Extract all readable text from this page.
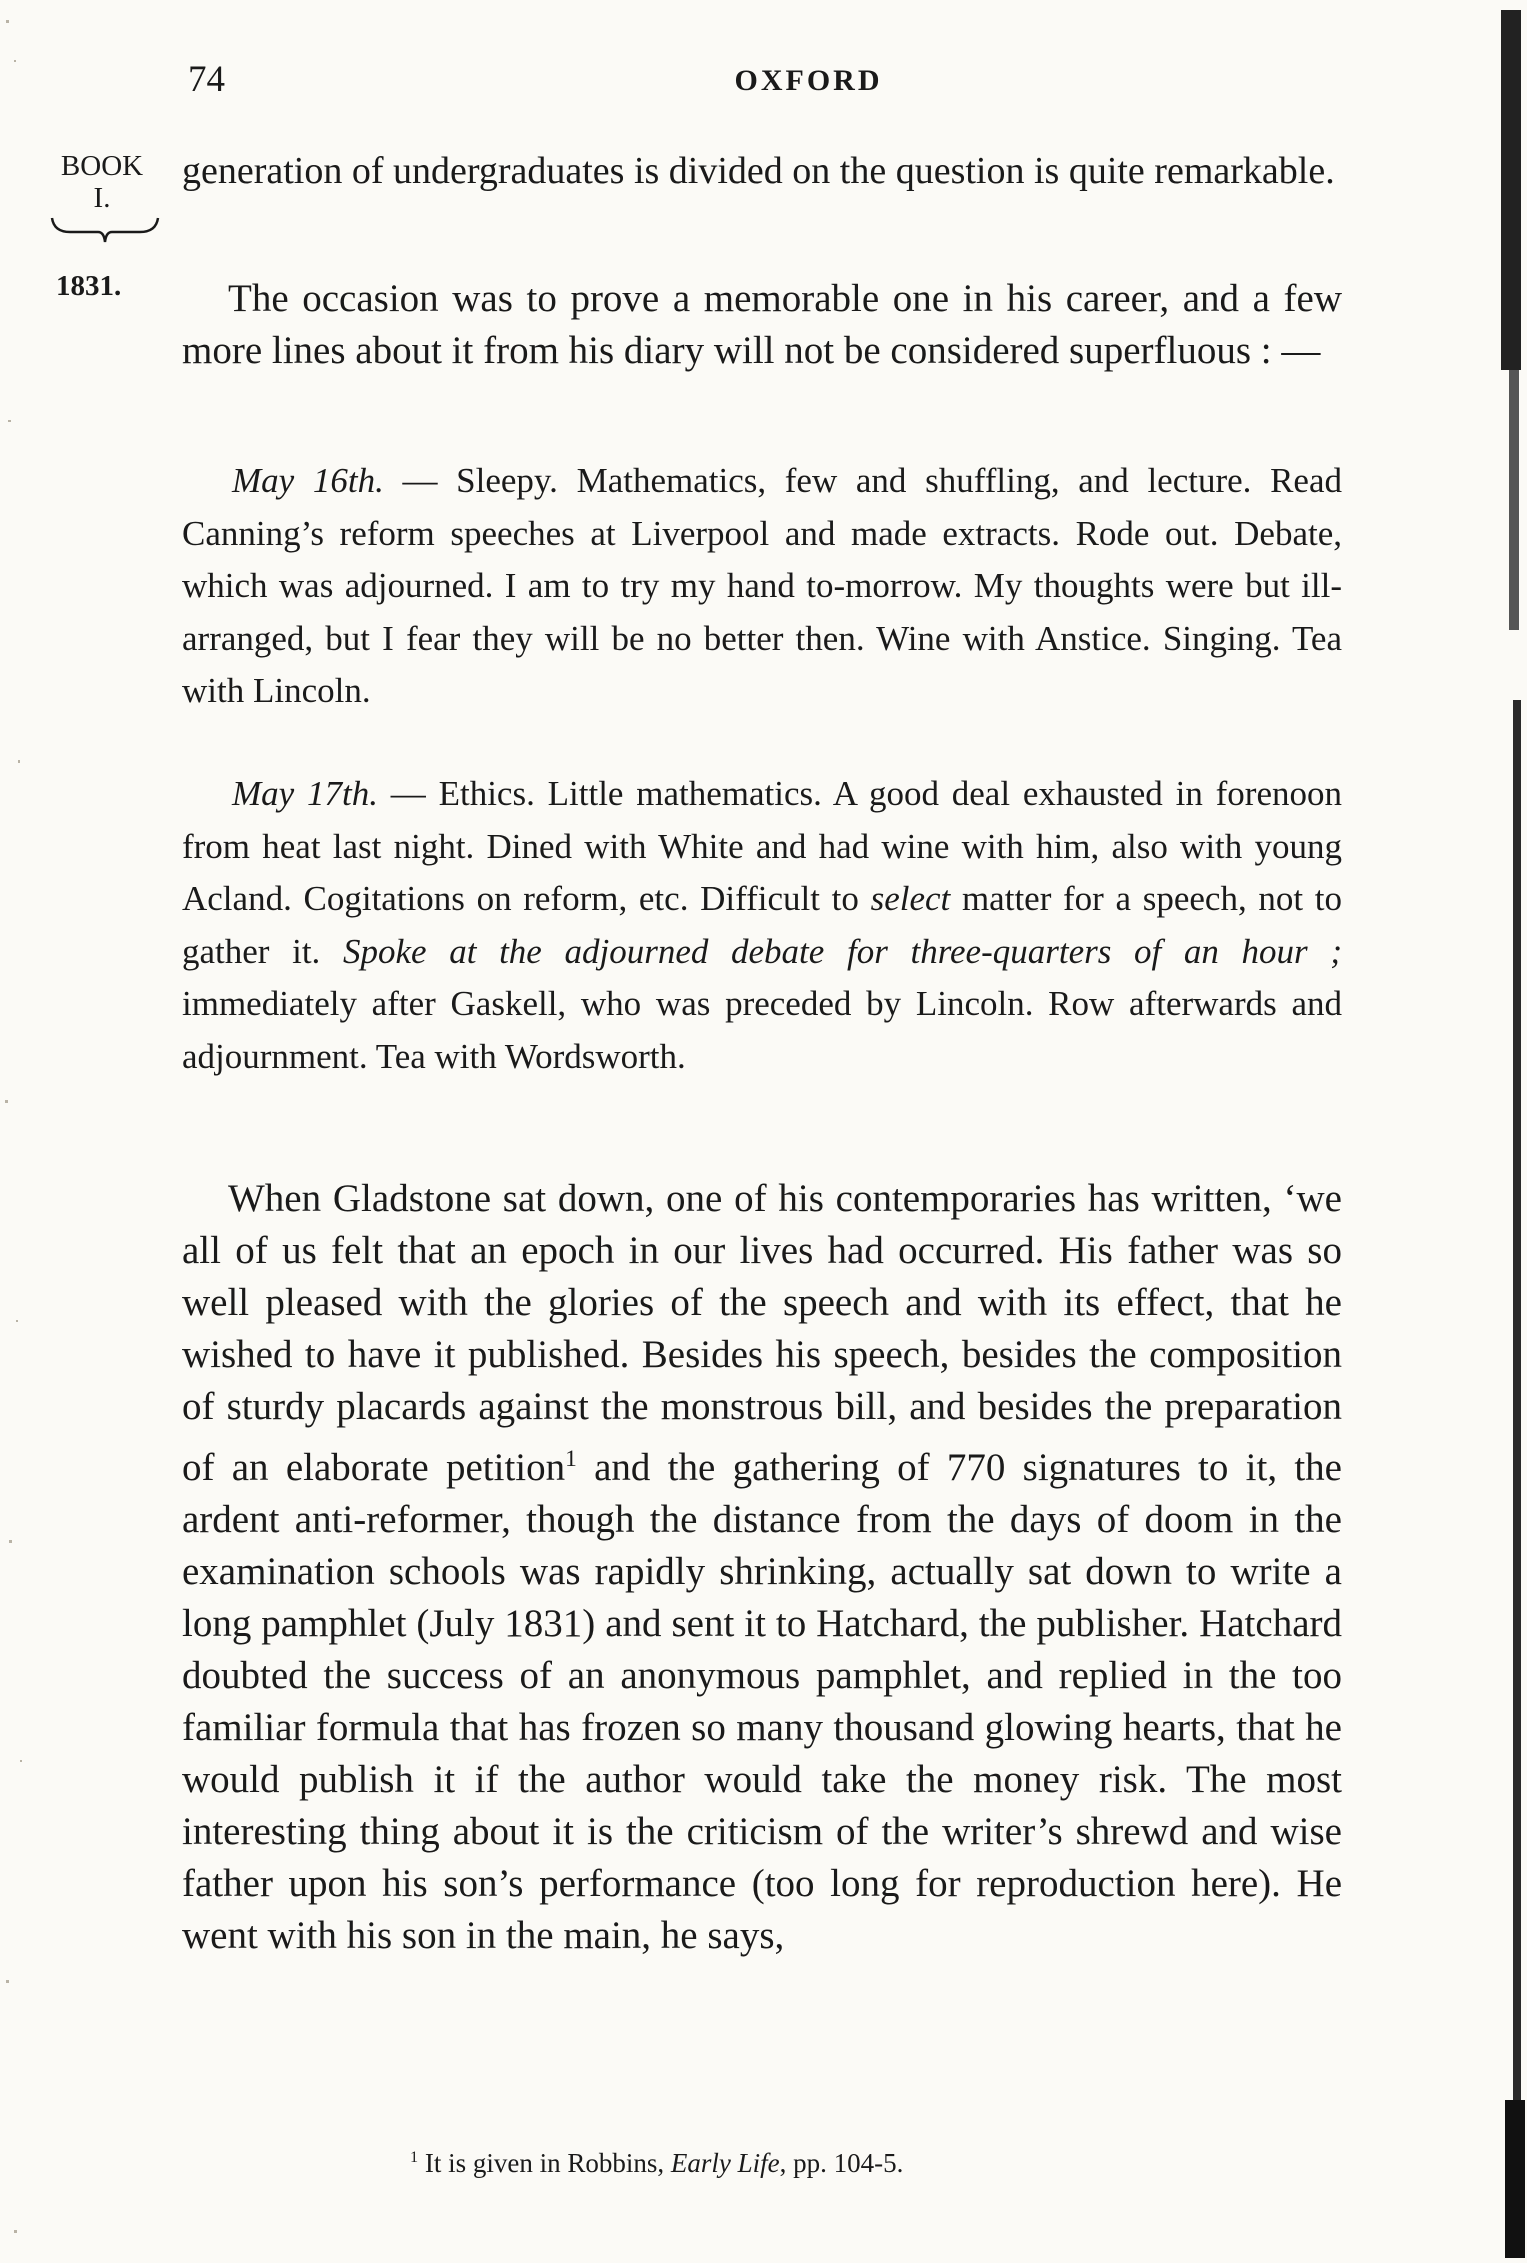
74	OXFORD
BOOK
I.
1831.

generation of undergraduates is divided on the question is quite remarkable.

The occasion was to prove a memorable one in his career, and a few more lines about it from his diary will not be considered superfluous : —

May 16th. — Sleepy. Mathematics, few and shuffling, and lecture. Read Canning’s reform speeches at Liverpool and made extracts. Rode out. Debate, which was adjourned. I am to try my hand to-morrow. My thoughts were but ill-arranged, but I fear they will be no better then. Wine with Anstice. Singing. Tea with Lincoln.

May 17th. — Ethics. Little mathematics. A good deal exhausted in forenoon from heat last night. Dined with White and had wine with him, also with young Acland. Cogitations on reform, etc. Difficult to select matter for a speech, not to gather it. Spoke at the adjourned debate for three-quarters of an hour ; immediately after Gaskell, who was preceded by Lincoln. Row afterwards and adjournment. Tea with Wordsworth.

When Gladstone sat down, one of his contemporaries has written, ‘we all of us felt that an epoch in our lives had occurred. His father was so well pleased with the glories of the speech and with its effect, that he wished to have it published. Besides his speech, besides the composition of sturdy placards against the monstrous bill, and besides the preparation of an elaborate petition$^1$ and the gathering of 770 signatures to it, the ardent anti-reformer, though the distance from the days of doom in the examination schools was rapidly shrinking, actually sat down to write a long pamphlet (July 1831) and sent it to Hatchard, the publisher. Hatchard doubted the success of an anonymous pamphlet, and replied in the too familiar formula that has frozen so many thousand glowing hearts, that he would publish it if the author would take the money risk. The most interesting thing about it is the criticism of the writer’s shrewd and wise father upon his son’s performance (too long for reproduction here). He went with his son in the main, he says,

$^1$ It is given in Robbins, Early Life, pp. 104-5.
